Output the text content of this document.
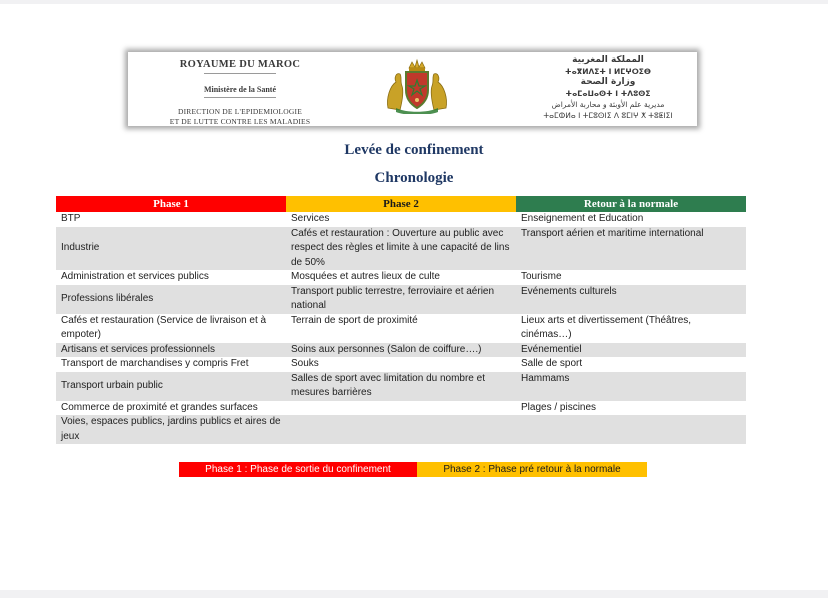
ROYAUME DU MAROC
Ministère de la Santé
DIRECTION DE L'EPIDEMIOLOGIE
ET DE LUTTE CONTRE LES MALADIES
المملكة المغربية
ⵜⴰⴳⵍⴷⵉⵜ ⵏ ⵍⵎⵖⵔⵉⴱ
وزارة الصحة
ⵜⴰⵎⴰⵡⴰⵙⵜ ⵏ ⵜⴷⵓⵙⵉ
مديرية علم الأوبئة و محاربة الأمراض
ⵜⴰⵎⵀⵍⴰ ⵏ ⵜⵎⵓⵙⵏⵉ ⴷ ⵓⵎⵏⵖ ⵅ ⵜⵓⵟⵏⵉⵏ
Levée de confinement
Chronologie
Phase 1	Phase 2	Retour à la normale
BTP	Services	Enseignement et Education
Industrie	Cafés et restauration : Ouverture au public avec respect des règles et limite à une capacité de lins de 50%	Transport aérien et maritime international
Administration et services publics	Mosquées et autres lieux de culte	Tourisme
Professions libérales	Transport public terrestre, ferroviaire et aérien national	Evénements culturels
Cafés et restauration (Service de livraison et à empoter)	Terrain de sport de proximité	Lieux arts et divertissement (Théâtres, cinémas…)
Artisans et services professionnels	Soins aux personnes (Salon de coiffure….)	Evénementiel
Transport de marchandises y compris Fret	Souks	Salle de sport
Transport urbain public	Salles de sport avec limitation du nombre et mesures barrières	Hammams
Commerce de proximité et grandes surfaces		Plages / piscines
Voies, espaces publics, jardins publics et aires de jeux		
Phase 1 : Phase de sortie du confinement	Phase 2 : Phase pré retour à la normale
